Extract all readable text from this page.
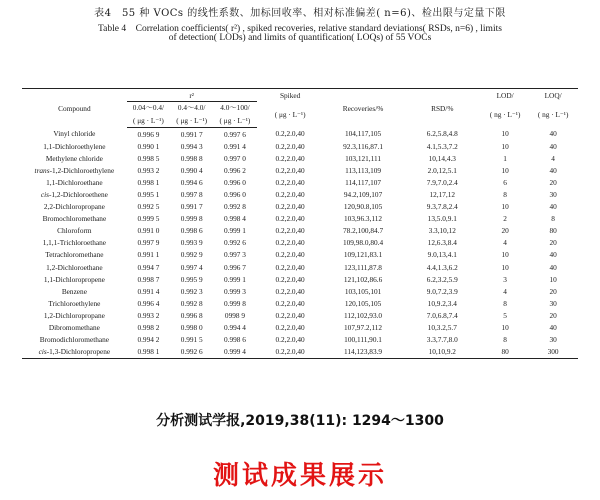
表4　55 种 VOCs 的线性系数、加标回收率、相对标准偏差( n=6)、检出限与定量下限
Table 4　Correlation coefficients( r²) , spiked recoveries, relative standard deviations( RSDs, n=6) , limits
of detection( LODs) and limits of quantification( LOQs) of 55 VOCs
Compound	r²			Spiked	Recoveries/%	RSD/%	LOD/	LOQ/
	0.04～0.4/	0.4～4.0/	4.0～100/	( μg · L⁻¹)			( ng · L⁻¹)	( ng · L⁻¹)
	( μg · L⁻¹)	( μg · L⁻¹)	( μg · L⁻¹)					
Vinyl chloride	0.996 9	0.991 7	0.997 6	0.2,2.0,40	104,117,105	6.2,5.8,4.8	10	40
1,1-Dichloroethylene	0.990 1	0.994 3	0.991 4	0.2,2.0,40	92.3,116,87.1	4.1,5.3,7.2	10	40
Methylene chloride	0.998 5	0.998 8	0.997 0	0.2,2.0,40	103,121,111	10,14,4.3	1	4
trans-1,2-Dichloroethylene	0.993 2	0.990 4	0.996 2	0.2,2.0,40	113,113,109	2.0,12,5.1	10	40
1,1-Dichloroethane	0.998 1	0.994 6	0.996 0	0.2,2.0,40	114,117,107	7.9,7.0,2.4	6	20
cis-1,2-Dichloroethene	0.995 1	0.997 8	0.996 0	0.2,2.0,40	94.2,109,107	12,17,12	8	30
2,2-Dichloropropane	0.992 5	0.991 7	0.992 8	0.2,2.0,40	120,90.8,105	9.3,7.8,2.4	10	40
Bromochloromethane	0.999 5	0.999 8	0.998 4	0.2,2.0,40	103,96.3,112	13,5.0,9.1	2	8
Chloroform	0.991 0	0.998 6	0.999 1	0.2,2.0,40	78.2,100,84.7	3.3,10,12	20	80
1,1,1-Trichloroethane	0.997 9	0.993 9	0.992 6	0.2,2.0,40	109,98.0,80.4	12,6.3,8.4	4	20
Tetrachloromethane	0.991 1	0.992 9	0.997 3	0.2,2.0,40	109,121,83.1	9.0,13,4.1	10	40
1,2-Dichloroethane	0.994 7	0.997 4	0.996 7	0.2,2.0,40	123,111,87.8	4.4,1.3,6.2	10	40
1,1-Dichloropropene	0.998 7	0.995 9	0.999 1	0.2,2.0,40	121,102,86.6	6.2,3.2,5.9	3	10
Benzene	0.991 4	0.992 3	0.999 3	0.2,2.0,40	103,105,101	9.0,7.2,3.9	4	20
Trichloroethylene	0.996 4	0.992 8	0.999 8	0.2,2.0,40	120,105,105	10,9.2,3.4	8	30
1,2-Dichloropropane	0.993 2	0.996 8	0998 9	0.2,2.0,40	112,102,93.0	7.0,6.8,7.4	5	20
Dibromomethane	0.998 2	0.998 0	0.994 4	0.2,2.0,40	107,97.2,112	10,3.2,5.7	10	40
Bromodichloromethane	0.994 2	0.991 5	0.998 6	0.2,2.0,40	100,111,90.1	3.3,7.7,8.0	8	30
cis-1,3-Dichloropropene	0.998 1	0.992 6	0.999 4	0.2,2.0,40	114,123,83.9	10,10,9.2	80	300
分析测试学报,2019,38(11): 1294～1300
测试成果展示
